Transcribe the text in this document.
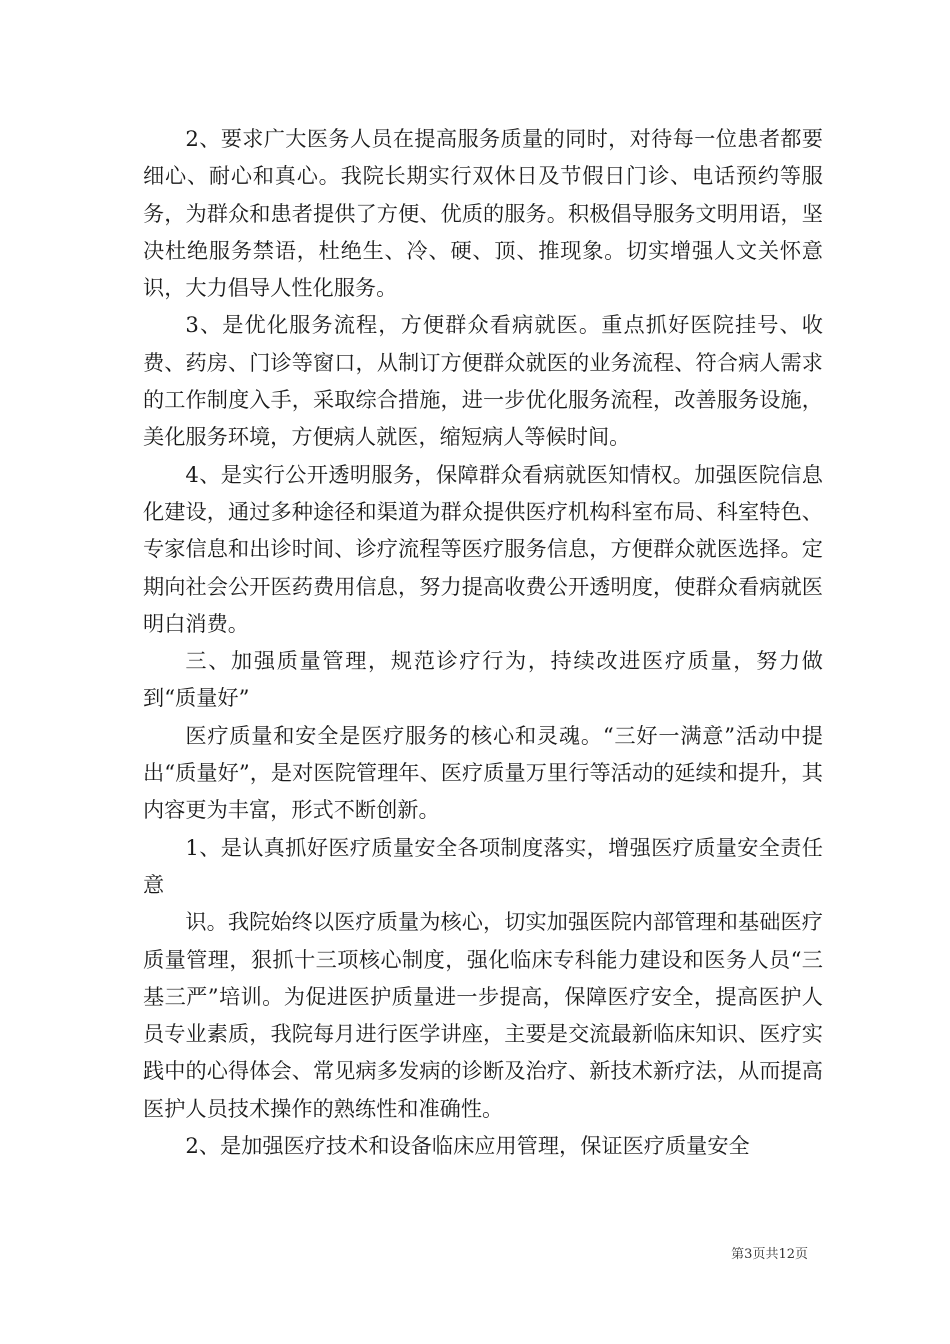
2、要求广大医务人员在提高服务质量的同时，对待每一位患者都要细心、耐心和真心。我院长期实行双休日及节假日门诊、电话预约等服务，为群众和患者提供了方便、优质的服务。积极倡导服务文明用语，坚决杜绝服务禁语，杜绝生、冷、硬、顶、推现象。切实增强人文关怀意识，大力倡导人性化服务。

3、是优化服务流程，方便群众看病就医。重点抓好医院挂号、收费、药房、门诊等窗口，从制订方便群众就医的业务流程、符合病人需求的工作制度入手，采取综合措施，进一步优化服务流程，改善服务设施，美化服务环境，方便病人就医，缩短病人等候时间。

4、是实行公开透明服务，保障群众看病就医知情权。加强医院信息化建设，通过多种途径和渠道为群众提供医疗机构科室布局、科室特色、专家信息和出诊时间、诊疗流程等医疗服务信息，方便群众就医选择。定期向社会公开医药费用信息，努力提高收费公开透明度，使群众看病就医明白消费。

三、加强质量管理，规范诊疗行为，持续改进医疗质量，努力做到“质量好”

医疗质量和安全是医疗服务的核心和灵魂。“三好一满意”活动中提出“质量好”，是对医院管理年、医疗质量万里行等活动的延续和提升，其内容更为丰富，形式不断创新。

1、是认真抓好医疗质量安全各项制度落实，增强医疗质量安全责任意

识。我院始终以医疗质量为核心，切实加强医院内部管理和基础医疗质量管理，狠抓十三项核心制度，强化临床专科能力建设和医务人员“三基三严”培训。为促进医护质量进一步提高，保障医疗安全，提高医护人员专业素质，我院每月进行医学讲座，主要是交流最新临床知识、医疗实践中的心得体会、常见病多发病的诊断及治疗、新技术新疗法，从而提高医护人员技术操作的熟练性和准确性。

2、是加强医疗技术和设备临床应用管理，保证医疗质量安全

第3页共12页
